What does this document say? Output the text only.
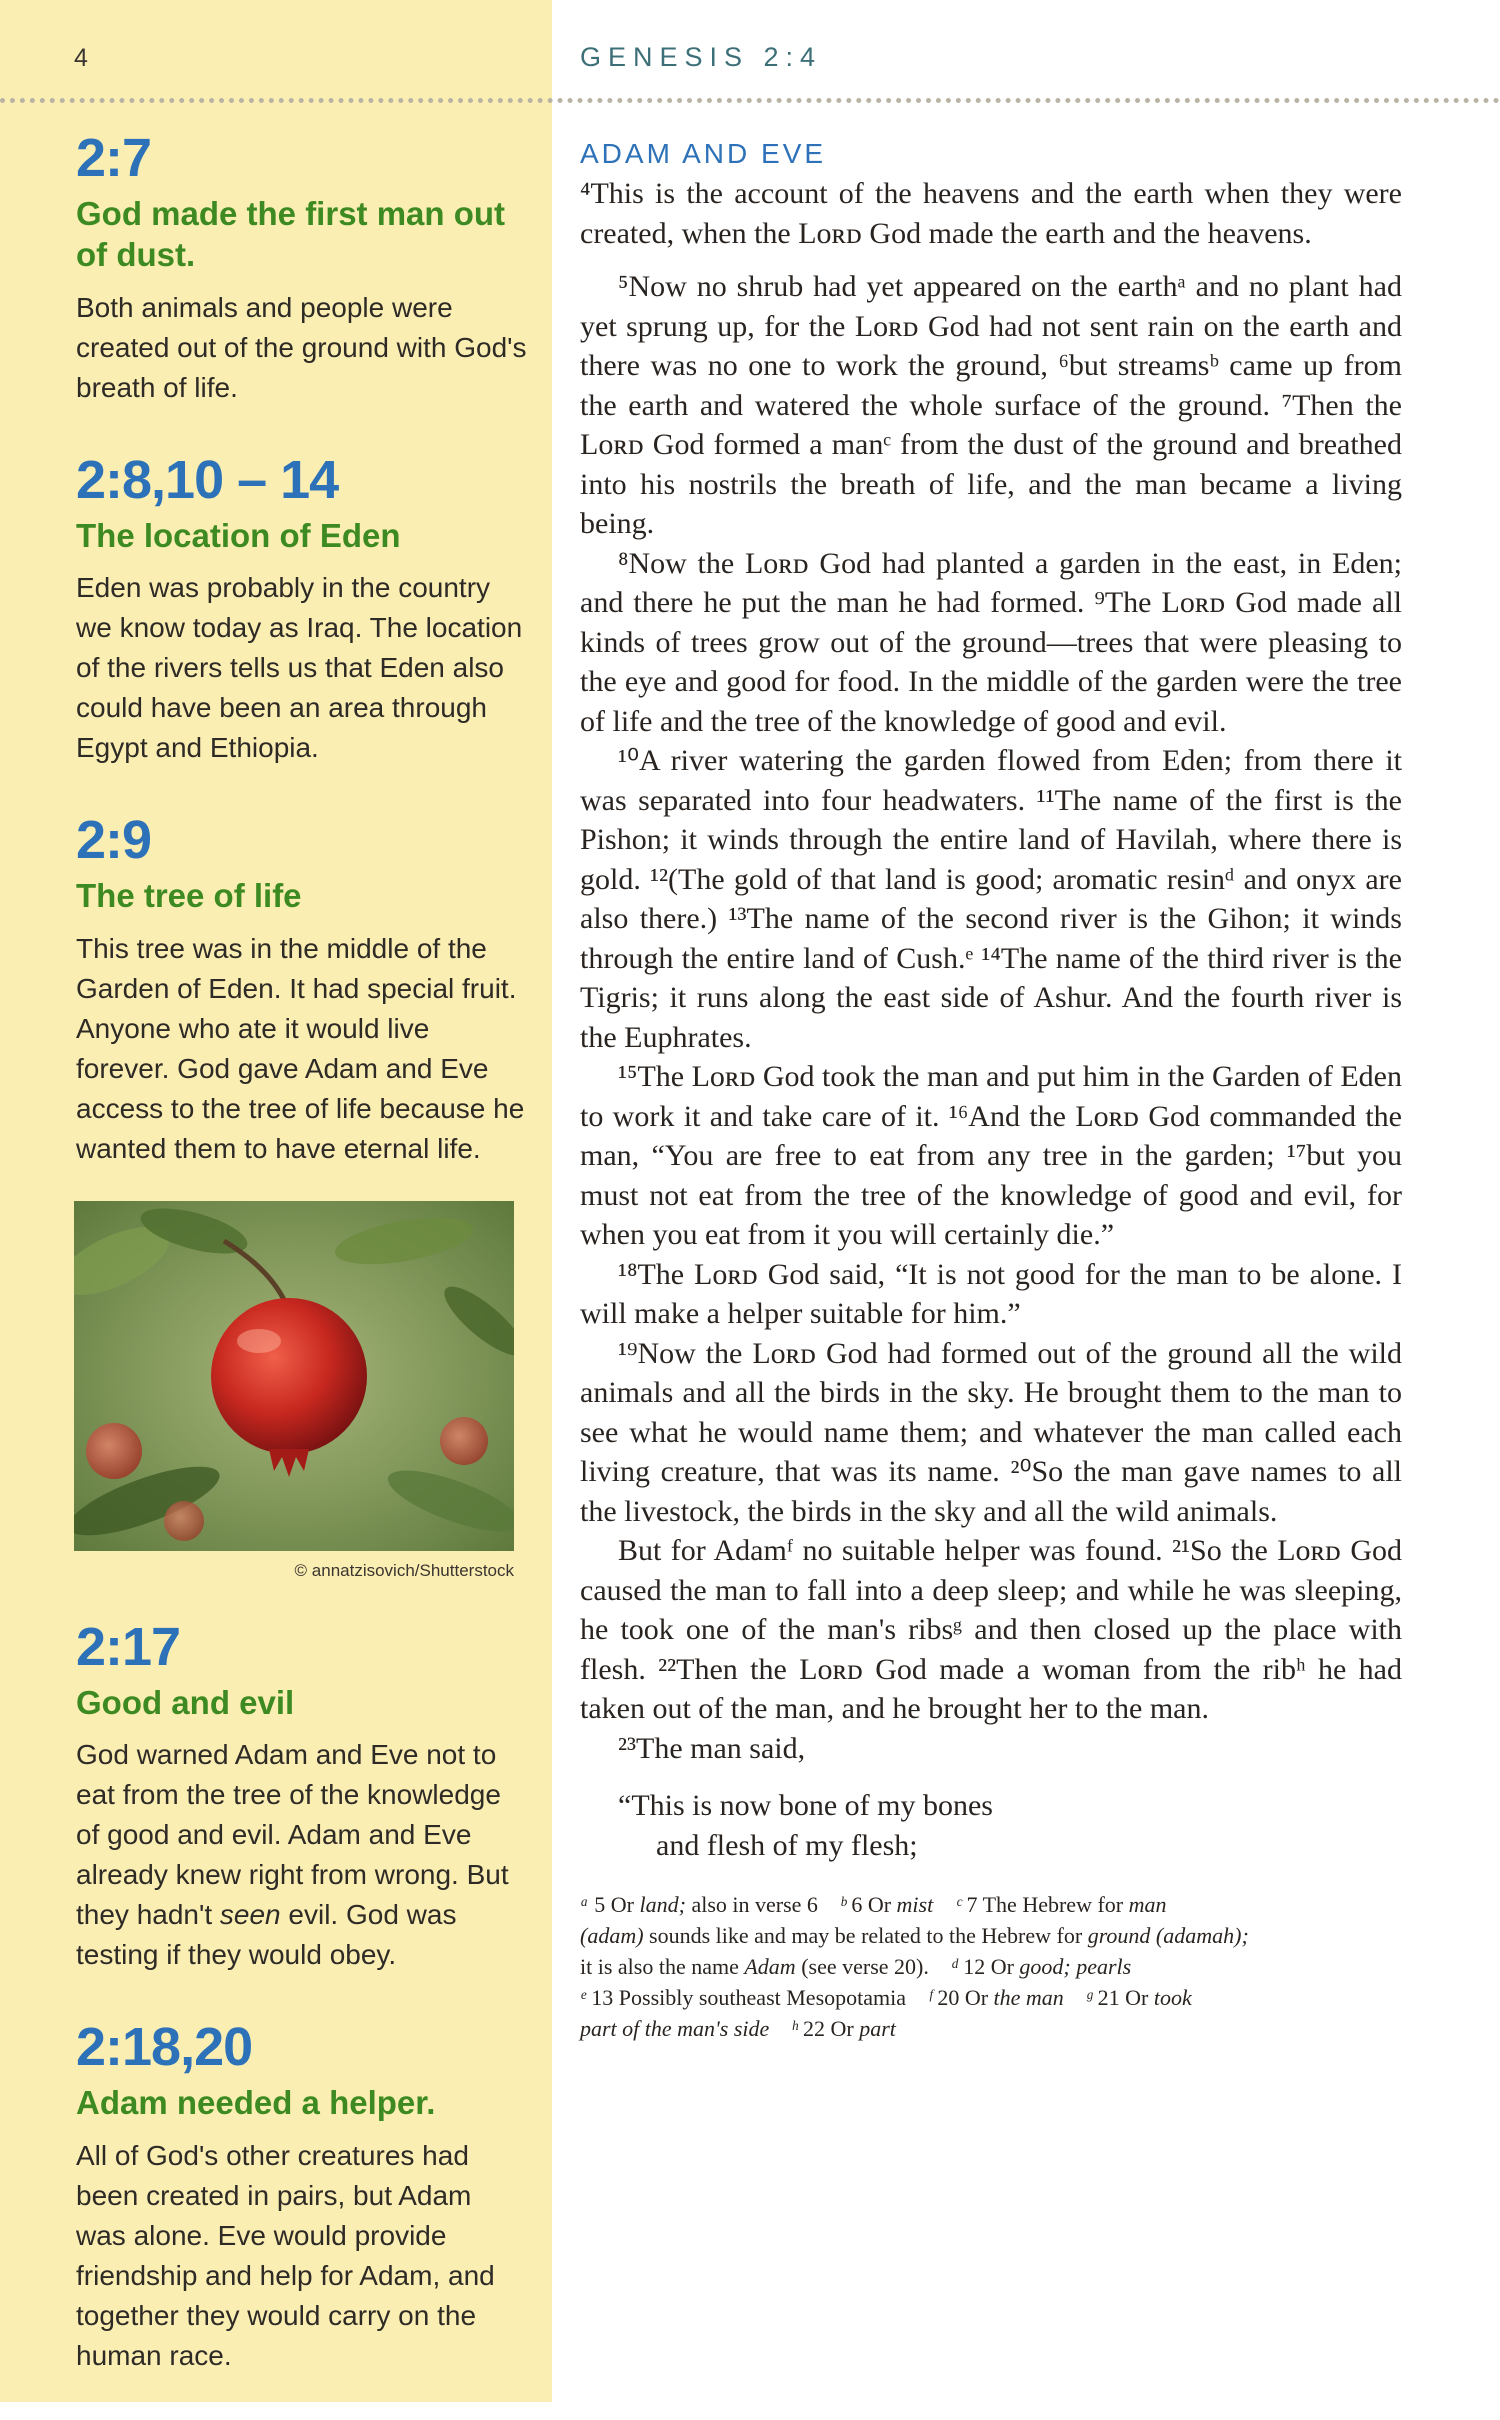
4	GENESIS 2:4
2:7
God made the first man out of dust.
Both animals and people were created out of the ground with God's breath of life.
2:8,10 – 14
The location of Eden
Eden was probably in the country we know today as Iraq. The location of the rivers tells us that Eden also could have been an area through Egypt and Ethiopia.
2:9
The tree of life
This tree was in the middle of the Garden of Eden. It had special fruit. Anyone who ate it would live forever. God gave Adam and Eve access to the tree of life because he wanted them to have eternal life.
© annatzisovich/Shutterstock
2:17
Good and evil
God warned Adam and Eve not to eat from the tree of the knowledge of good and evil. Adam and Eve already knew right from wrong. But they hadn't seen evil. God was testing if they would obey.
2:18,20
Adam needed a helper.
All of God's other creatures had been created in pairs, but Adam was alone. Eve would provide friendship and help for Adam, and together they would carry on the human race.
ADAM AND EVE

⁴This is the account of the heavens and the earth when they were created, when the Lᴏʀᴅ God made the earth and the heavens.

⁵Now no shrub had yet appeared on the earthᵃ and no plant had yet sprung up, for the Lᴏʀᴅ God had not sent rain on the earth and there was no one to work the ground, ⁶but streamsᵇ came up from the earth and watered the whole surface of the ground. ⁷Then the Lᴏʀᴅ God formed a manᶜ from the dust of the ground and breathed into his nostrils the breath of life, and the man became a living being.

⁸Now the Lᴏʀᴅ God had planted a garden in the east, in Eden; and there he put the man he had formed. ⁹The Lᴏʀᴅ God made all kinds of trees grow out of the ground—trees that were pleasing to the eye and good for food. In the middle of the garden were the tree of life and the tree of the knowledge of good and evil.

¹⁰A river watering the garden flowed from Eden; from there it was separated into four headwaters. ¹¹The name of the first is the Pishon; it winds through the entire land of Havilah, where there is gold. ¹²(The gold of that land is good; aromatic resinᵈ and onyx are also there.) ¹³The name of the second river is the Gihon; it winds through the entire land of Cush.ᵉ ¹⁴The name of the third river is the Tigris; it runs along the east side of Ashur. And the fourth river is the Euphrates.

¹⁵The Lᴏʀᴅ God took the man and put him in the Garden of Eden to work it and take care of it. ¹⁶And the Lᴏʀᴅ God commanded the man, “You are free to eat from any tree in the garden; ¹⁷but you must not eat from the tree of the knowledge of good and evil, for when you eat from it you will certainly die.”

¹⁸The Lᴏʀᴅ God said, “It is not good for the man to be alone. I will make a helper suitable for him.”

¹⁹Now the Lᴏʀᴅ God had formed out of the ground all the wild animals and all the birds in the sky. He brought them to the man to see what he would name them; and whatever the man called each living creature, that was its name. ²⁰So the man gave names to all the livestock, the birds in the sky and all the wild animals.

But for Adamᶠ no suitable helper was found. ²¹So the Lᴏʀᴅ God caused the man to fall into a deep sleep; and while he was sleeping, he took one of the man's ribsᵍ and then closed up the place with flesh. ²²Then the Lᴏʀᴅ God made a woman from the ribʰ he had taken out of the man, and he brought her to the man.

²³The man said,

“This is now bone of my bones
and flesh of my flesh;
ᵃ 5 Or land; also in verse 6 ᵇ 6 Or mist ᶜ 7 The Hebrew for man
(adam) sounds like and may be related to the Hebrew for ground (adamah);
it is also the name Adam (see verse 20). ᵈ 12 Or good; pearls
ᵉ 13 Possibly southeast Mesopotamia ᶠ 20 Or the man ᵍ 21 Or took
part of the man's side ʰ 22 Or part
